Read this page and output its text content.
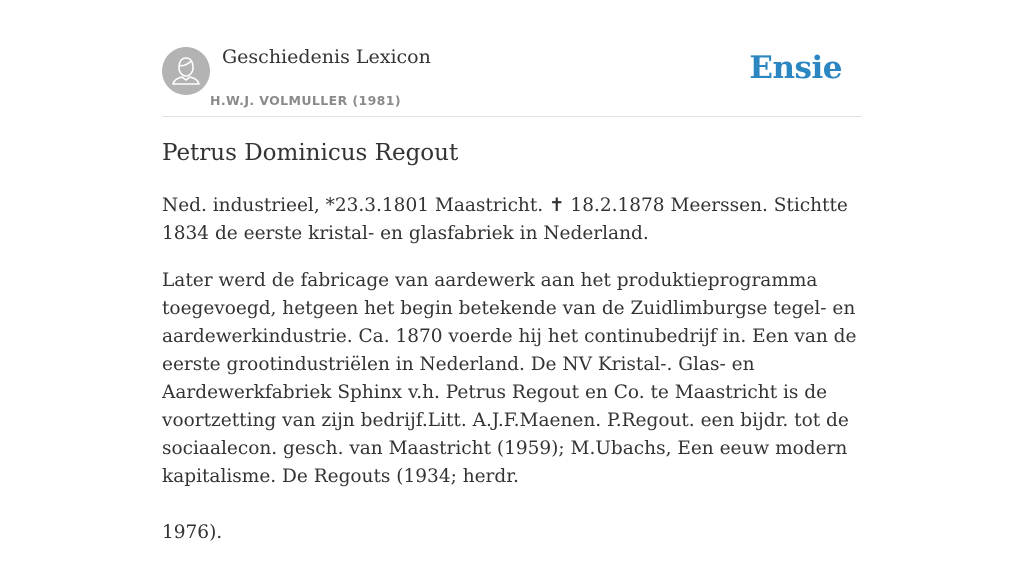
Geschiedenis Lexicon
H.W.J. VOLMULLER (1981)
Ensie
Petrus Dominicus Regout

Ned. industrieel, *23.3.1801 Maastricht. ✝ 18.2.1878 Meerssen. Stichtte 1834 de eerste kristal- en glasfabriek in Nederland.

Later werd de fabricage van aardewerk aan het produktieprogramma toegevoegd, hetgeen het begin betekende van de Zuidlimburgse tegel- en aardewerkindustrie. Ca. 1870 voerde hij het continubedrijf in. Een van de eerste grootindustriëlen in Nederland. De NV Kristal-. Glas- en Aardewerkfabriek Sphinx v.h. Petrus Regout en Co. te Maastricht is de voortzetting van zijn bedrijf.Litt. A.J.F.Maenen. P.Regout. een bijdr. tot de sociaalecon. gesch. van Maastricht (1959); M.Ubachs, Een eeuw modern kapitalisme. De Regouts (1934; herdr.

1976).
